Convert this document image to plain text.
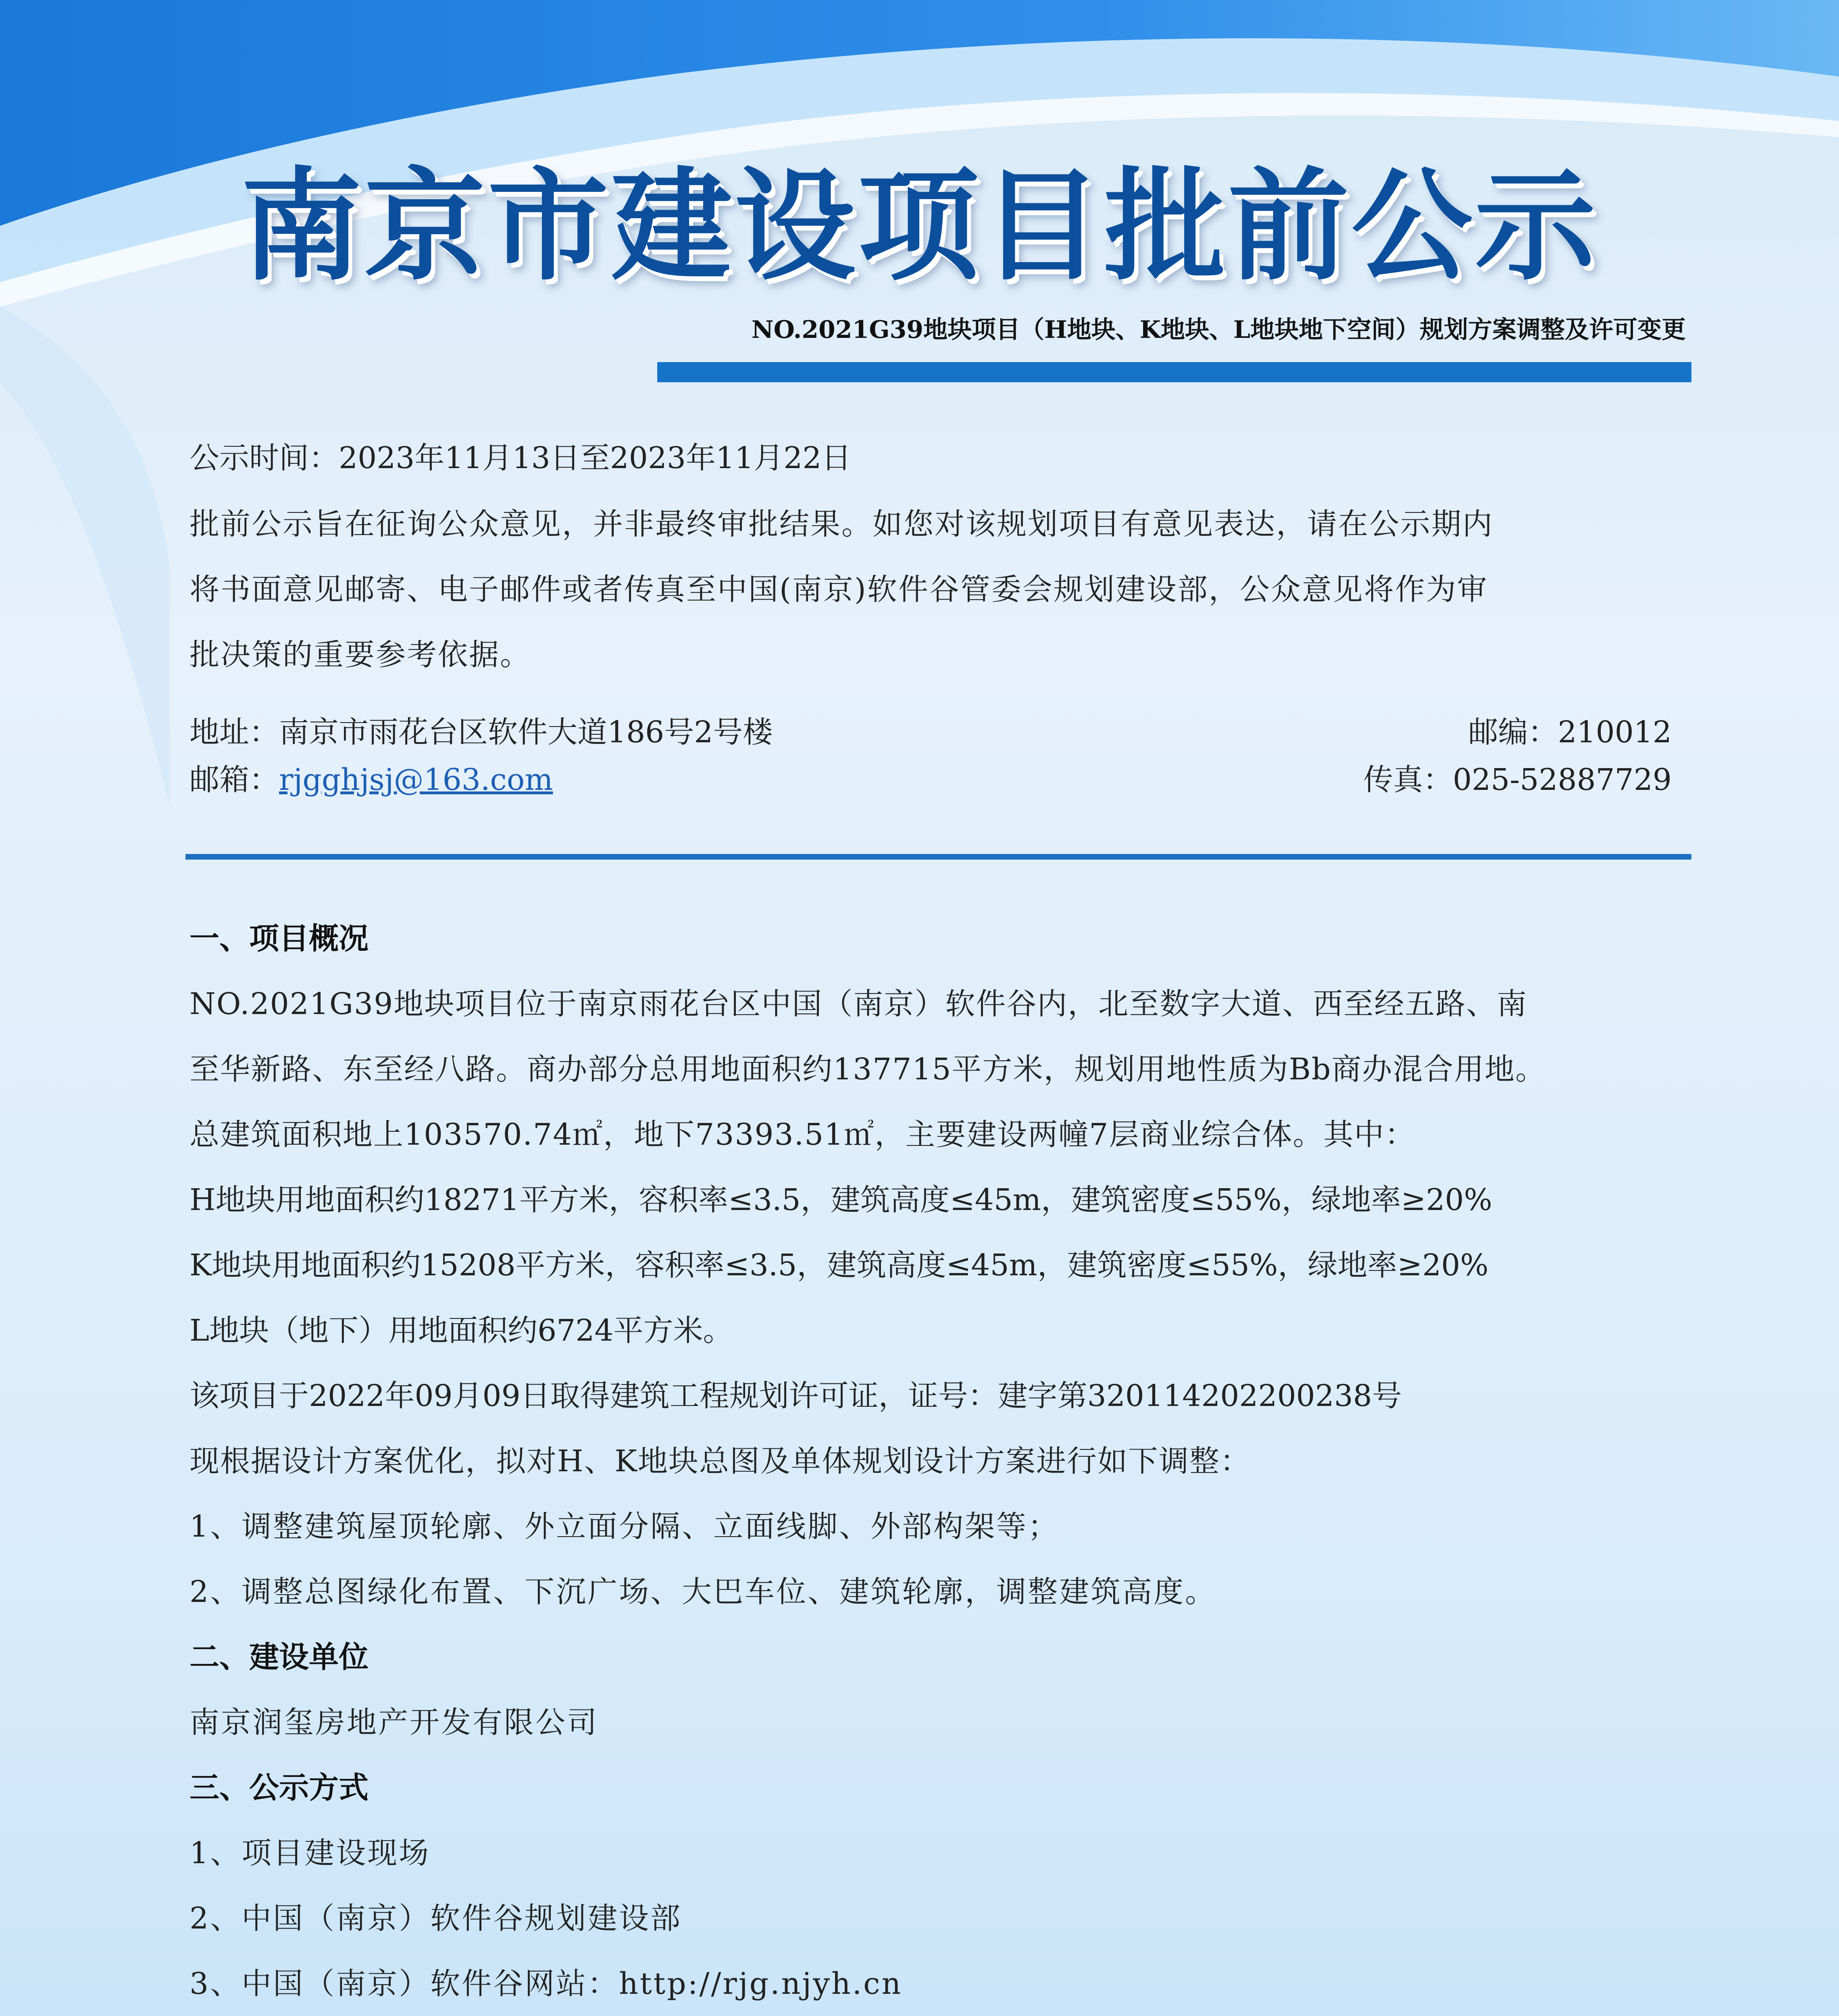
南京市建设项目批前公示
NO.2021G39地块项目（H地块、K地块、L地块地下空间）规划方案调整及许可变更
公示时间：2023年11月13日至2023年11月22日
批前公示旨在征询公众意见，并非最终审批结果。如您对该规划项目有意见表达，请在公示期内
将书面意见邮寄、电子邮件或者传真至中国(南京)软件谷管委会规划建设部，公众意见将作为审
批决策的重要参考依据。
地址：南京市雨花台区软件大道186号2号楼	邮编：210012
邮箱：rjgghjsj@163.com	传真：025-52887729
一、项目概况
NO.2021G39地块项目位于南京雨花台区中国（南京）软件谷内，北至数字大道、西至经五路、南
至华新路、东至经八路。商办部分总用地面积约137715平方米，规划用地性质为Bb商办混合用地。
总建筑面积地上103570.74㎡，地下73393.51㎡，主要建设两幢7层商业综合体。其中：
H地块用地面积约18271平方米，容积率≤3.5，建筑高度≤45m，建筑密度≤55%，绿地率≥20%
K地块用地面积约15208平方米，容积率≤3.5，建筑高度≤45m，建筑密度≤55%，绿地率≥20%
L地块（地下）用地面积约6724平方米。
该项目于2022年09月09日取得建筑工程规划许可证，证号：建字第320114202200238号
现根据设计方案优化，拟对H、K地块总图及单体规划设计方案进行如下调整：
1、调整建筑屋顶轮廓、外立面分隔、立面线脚、外部构架等；
2、调整总图绿化布置、下沉广场、大巴车位、建筑轮廓，调整建筑高度。
二、建设单位
南京润玺房地产开发有限公司
三、公示方式
1、项目建设现场
2、中国（南京）软件谷规划建设部
3、中国（南京）软件谷网站：http://rjg.njyh.cn
